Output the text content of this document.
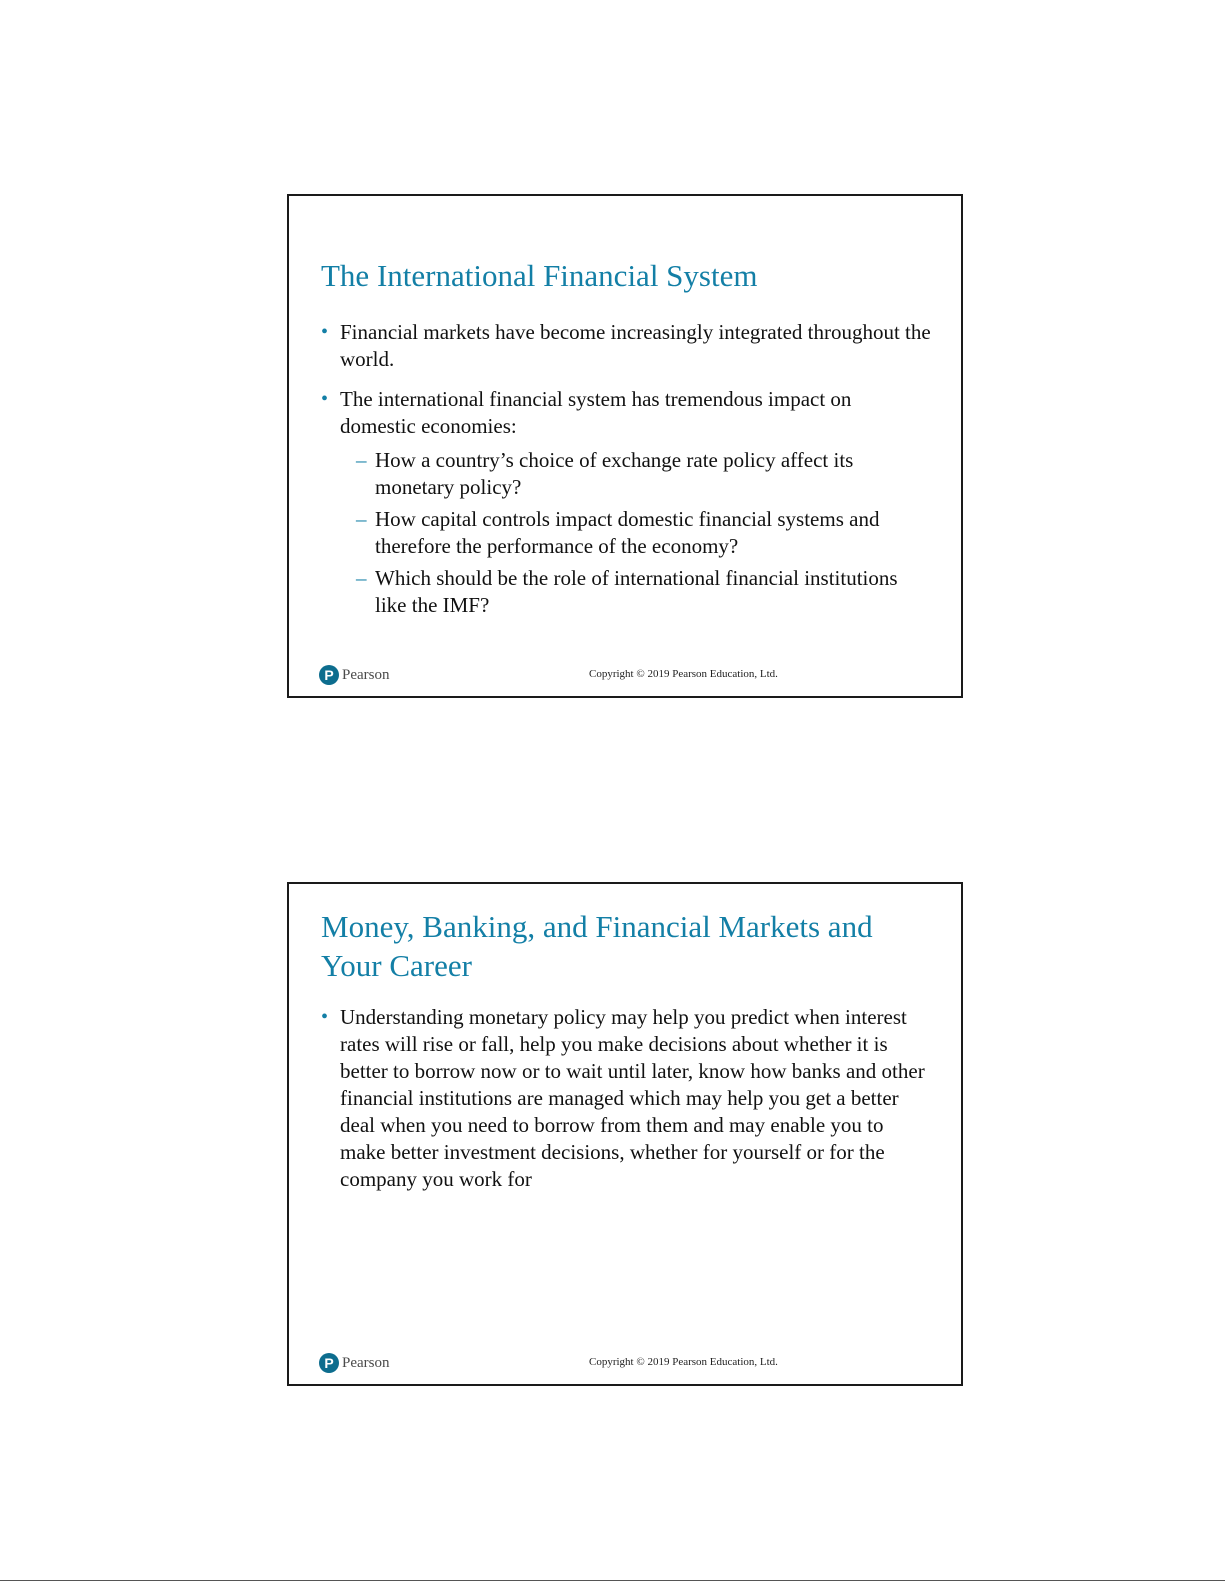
The International Financial System
• Financial markets have become increasingly integrated throughout the world.
• The international financial system has tremendous impact on domestic economies:
– How a country’s choice of exchange rate policy affect its monetary policy?
– How capital controls impact domestic financial systems and therefore the performance of the economy?
– Which should be the role of international financial institutions like the IMF?
P Pearson	Copyright © 2019 Pearson Education, Ltd.
Money, Banking, and Financial Markets and Your Career
• Understanding monetary policy may help you predict when interest rates will rise or fall, help you make decisions about whether it is better to borrow now or to wait until later, know how banks and other financial institutions are managed which may help you get a better deal when you need to borrow from them and may enable you to make better investment decisions, whether for yourself or for the company you work for
P Pearson	Copyright © 2019 Pearson Education, Ltd.
